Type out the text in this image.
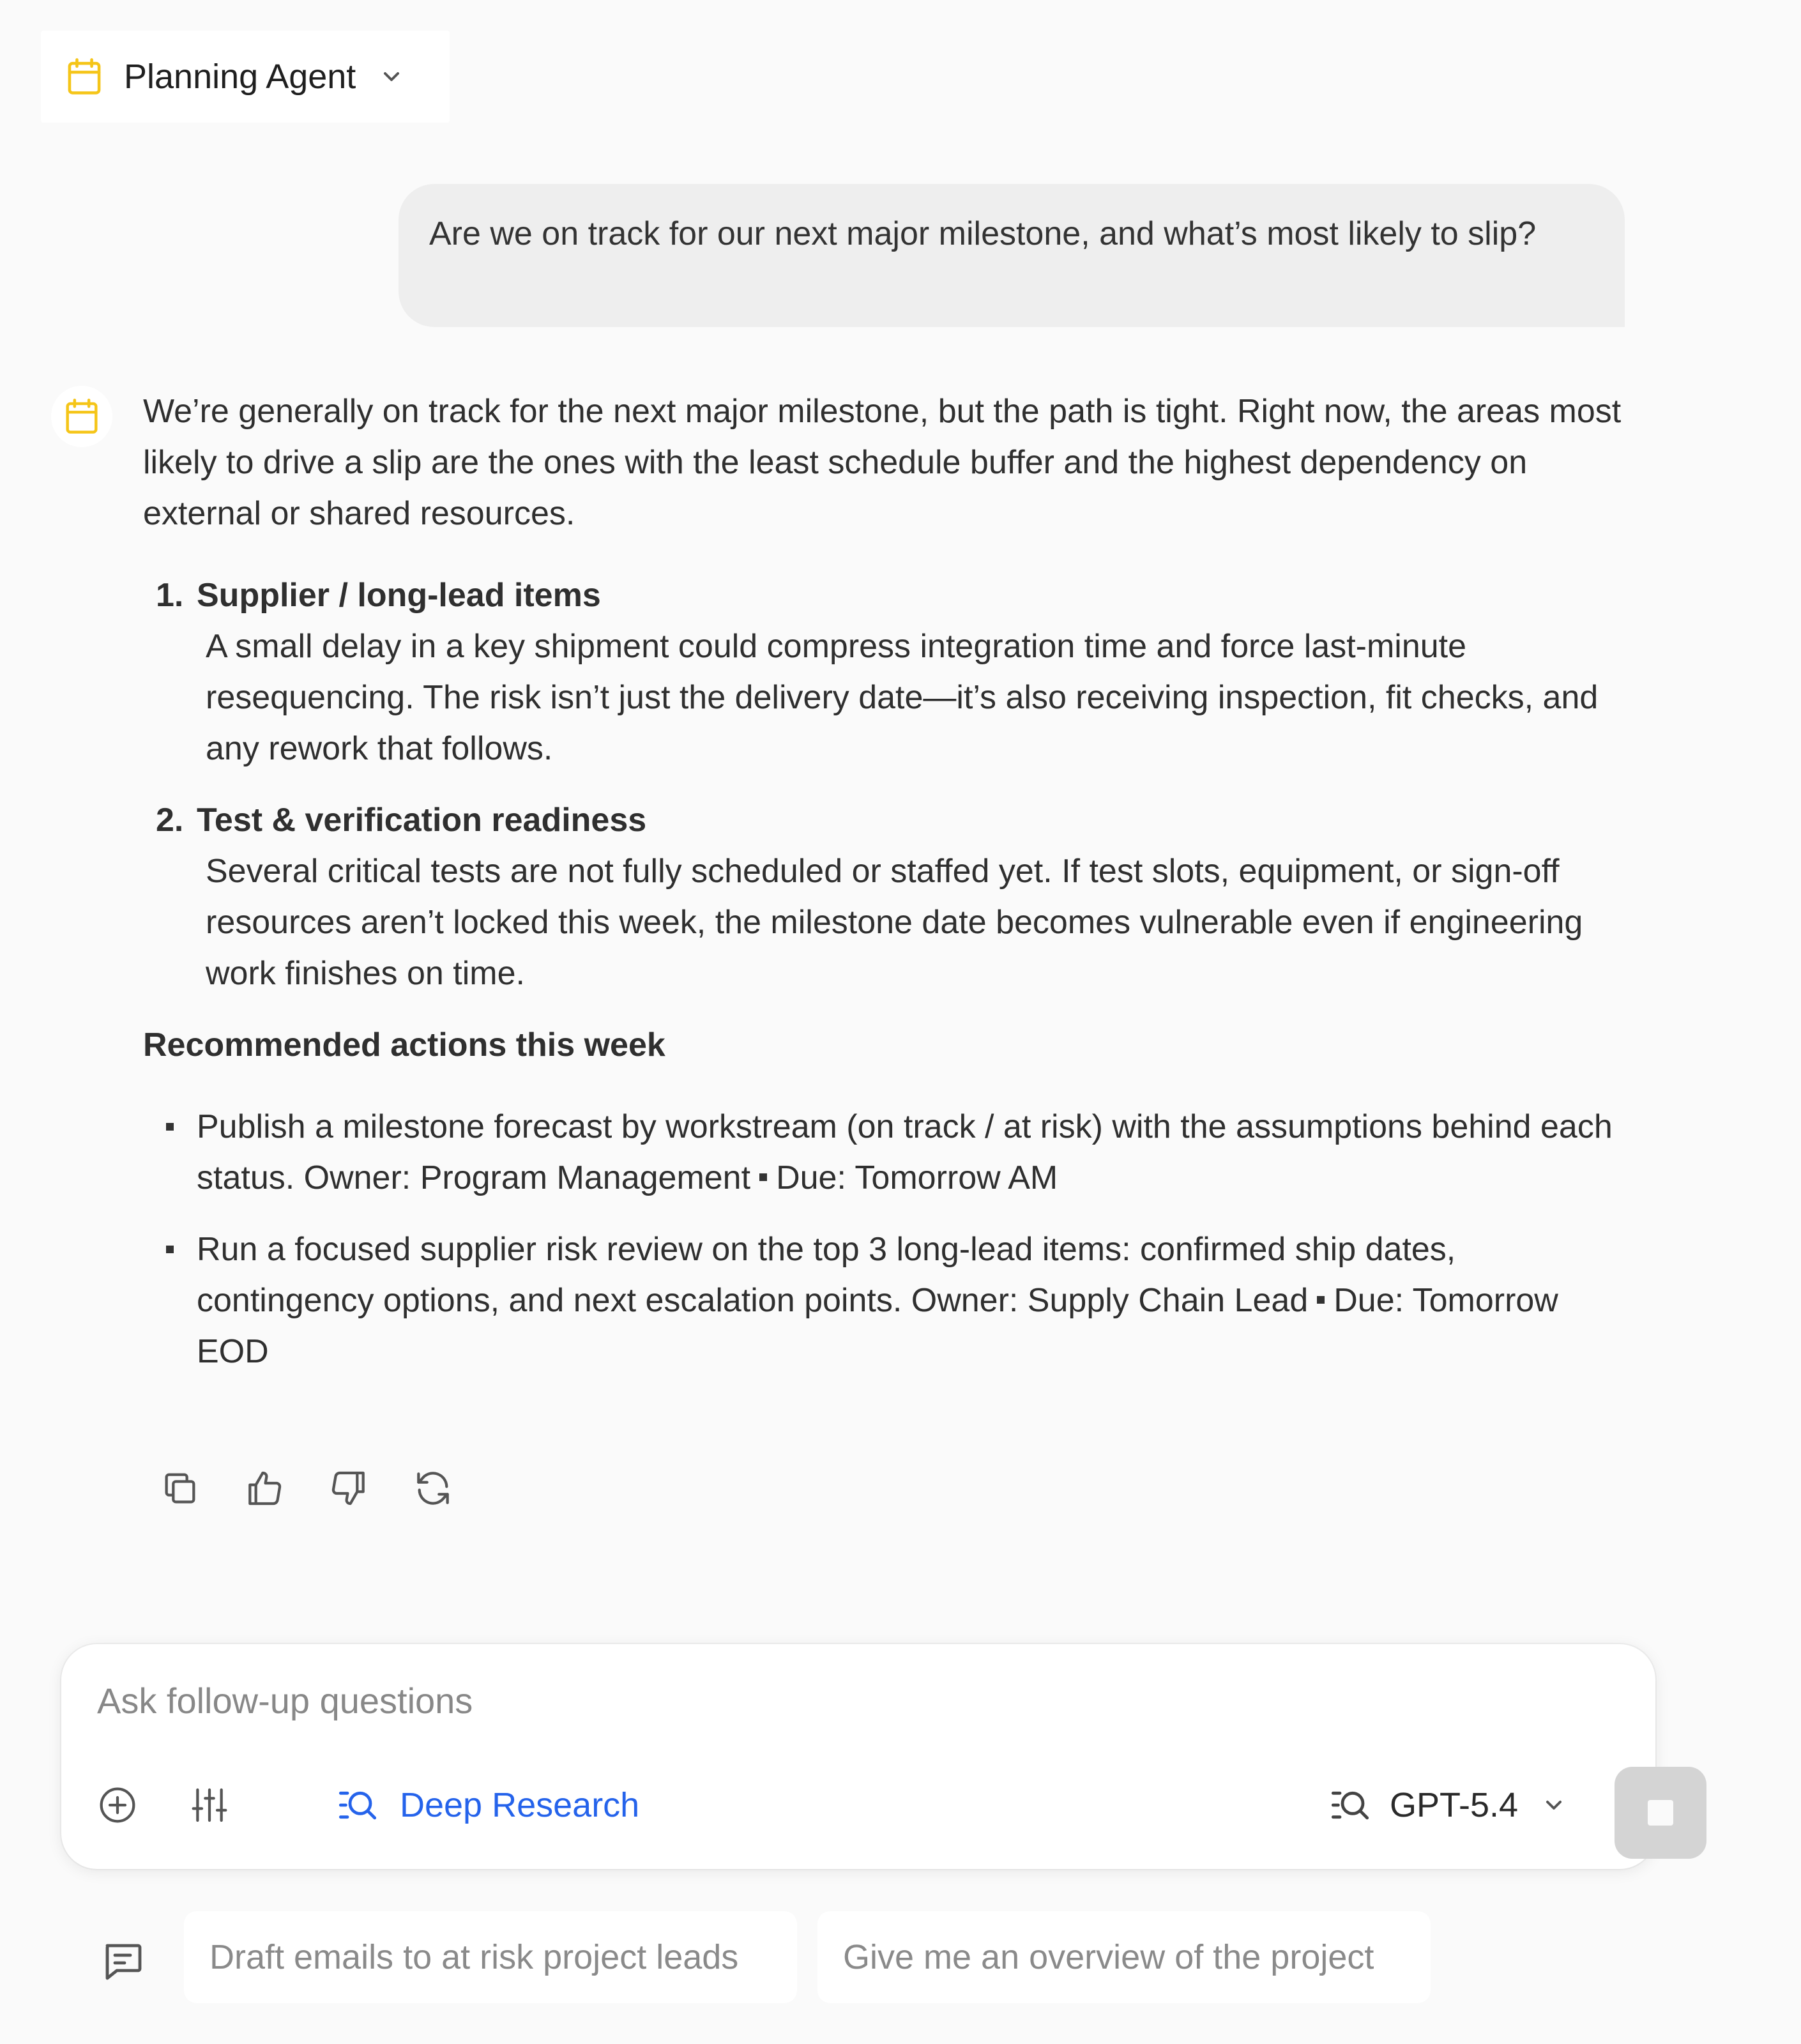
Planning Agent
Are we on track for our next major milestone, and what’s most likely to slip?

We’re generally on track for the next major milestone, but the path is tight. Right now, the areas most likely to drive a slip are the ones with the least schedule buffer and the highest dependency on external or shared resources.

1. Supplier / long-lead items
A small delay in a key shipment could compress integration time and force last-minute resequencing. The risk isn’t just the delivery date—it’s also receiving inspection, fit checks, and any rework that follows.
2. Test & verification readiness
Several critical tests are not fully scheduled or staffed yet. If test slots, equipment, or sign-off resources aren’t locked this week, the milestone date becomes vulnerable even if engineering work finishes on time.

Recommended actions this week

Publish a milestone forecast by workstream (on track / at risk) with the assumptions behind each status. Owner: Program Management Due: Tomorrow AM
Run a focused supplier risk review on the top 3 long-lead items: confirmed ship dates, contingency options, and next escalation points. Owner: Supply Chain Lead Due: Tomorrow EOD
Ask follow-up questions
Deep Research	GPT-5.4
Draft emails to at risk project leads	Give me an overview of the project
